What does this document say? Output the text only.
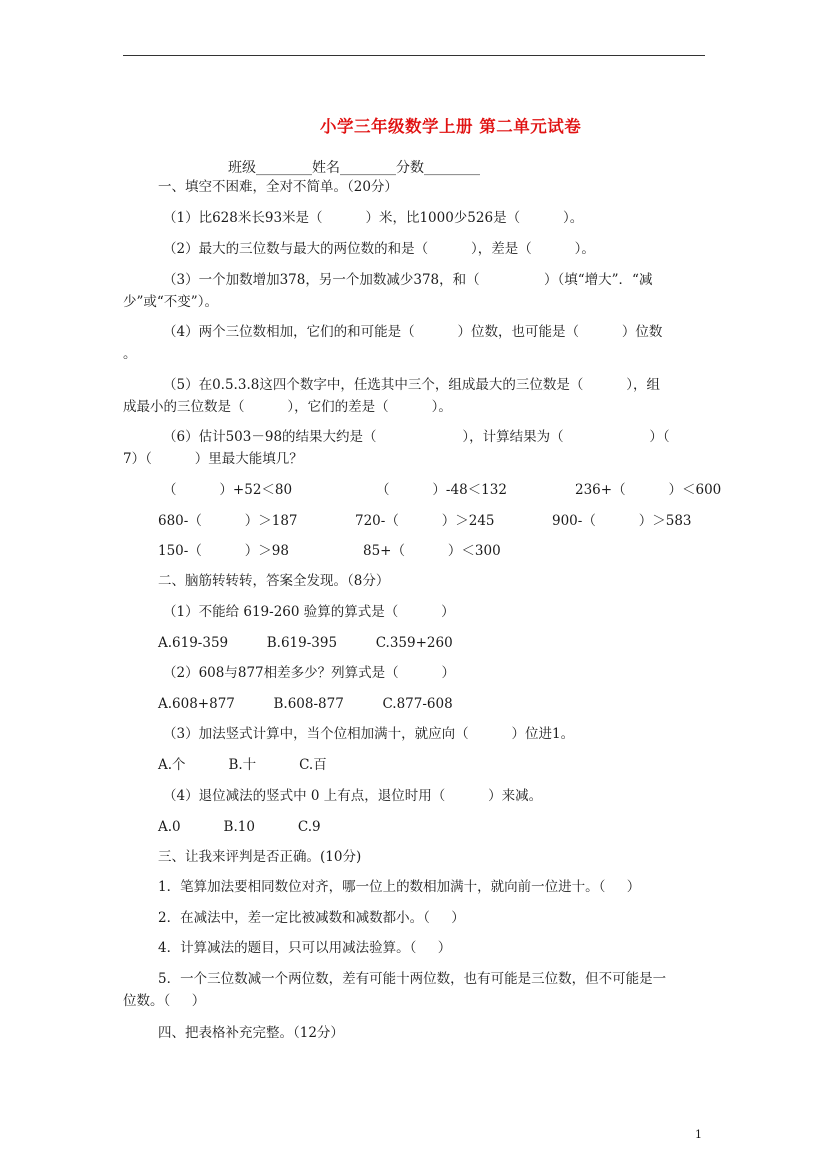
小学三年级数学上册 第二单元试卷
班级________姓名________分数________
一、填空不困难，全对不简单。（20分）
（1）比628米长93米是（          ）米，比1000少526是（          ）。
（2）最大的三位数与最大的两位数的和是（          ），差是（          ）。
（3）一个加数增加378，另一个加数减少378，和（               ）（填“增大”．“减
少”或“不变”）。
（4）两个三位数相加，它们的和可能是（          ）位数，也可能是（          ）位数
。
（5）在0.5.3.8这四个数字中，任选其中三个，组成最大的三位数是（          ），组
成最小的三位数是（          ），它们的差是（          ）。
（6）估计503－98的结果大约是（                    ），计算结果为（                    ）（
7）（          ）里最大能填几？
（          ）+52＜80	（          ）-48＜132	236+（          ）＜600
680-（          ）＞187	720-（          ）＞245	900-（          ）＞583
150-（          ）＞98	85+（          ）＜300
二、脑筋转转转，答案全发现。（8分）
（1）不能给 619-260 验算的算式是（          ）
A.619-359         B.619-395         C.359+260
（2）608与877相差多少？列算式是（          ）
A.608+877         B.608-877         C.877-608
（3）加法竖式计算中，当个位相加满十，就应向（          ）位进1。
A.个          B.十          C.百
（4）退位减法的竖式中 0 上有点，退位时用（          ）来减。
A.0          B.10          C.9
三、让我来评判是否正确。(10分)
1．笔算加法要相同数位对齐，哪一位上的数相加满十，就向前一位进十。（     ）
2．在减法中，差一定比被减数和减数都小。（     ）
4．计算减法的题目，只可以用减法验算。（     ）
5．一个三位数减一个两位数，差有可能十两位数，也有可能是三位数，但不可能是一
位数。（     ）
四、把表格补充完整。（12分）
1
